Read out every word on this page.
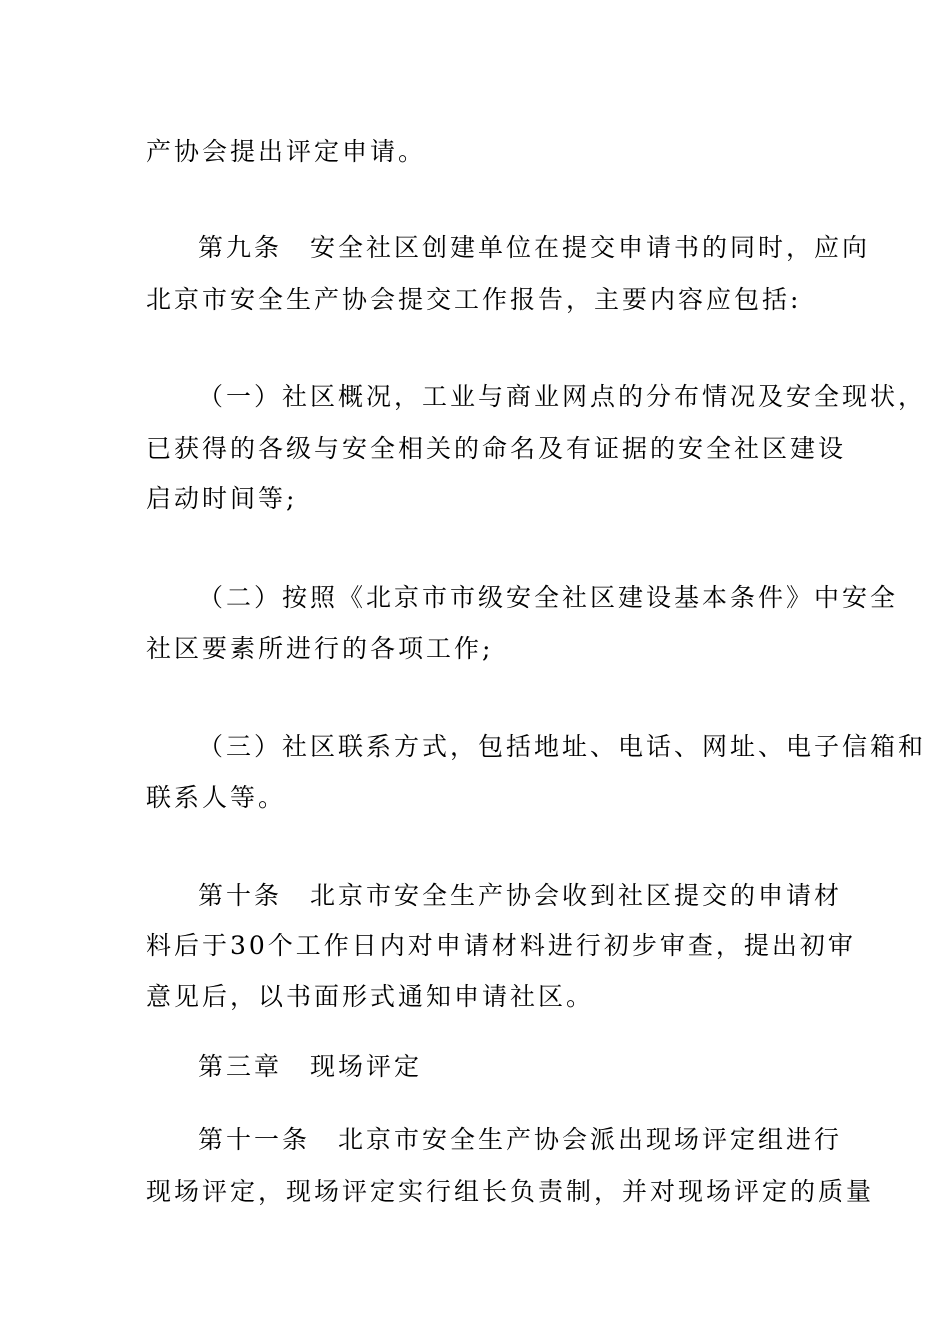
产协会提出评定申请。

第九条　安全社区创建单位在提交申请书的同时，应向

北京市安全生产协会提交工作报告，主要内容应包括:

（一）社区概况，工业与商业网点的分布情况及安全现状，

已获得的各级与安全相关的命名及有证据的安全社区建设

启动时间等;

（二）按照《北京市市级安全社区建设基本条件》中安全

社区要素所进行的各项工作;

（三）社区联系方式，包括地址、电话、网址、电子信箱和

联系人等。

第十条　北京市安全生产协会收到社区提交的申请材

料后于30个工作日内对申请材料进行初步审查，提出初审

意见后，以书面形式通知申请社区。

第三章　现场评定

第十一条　北京市安全生产协会派出现场评定组进行

现场评定，现场评定实行组长负责制，并对现场评定的质量
